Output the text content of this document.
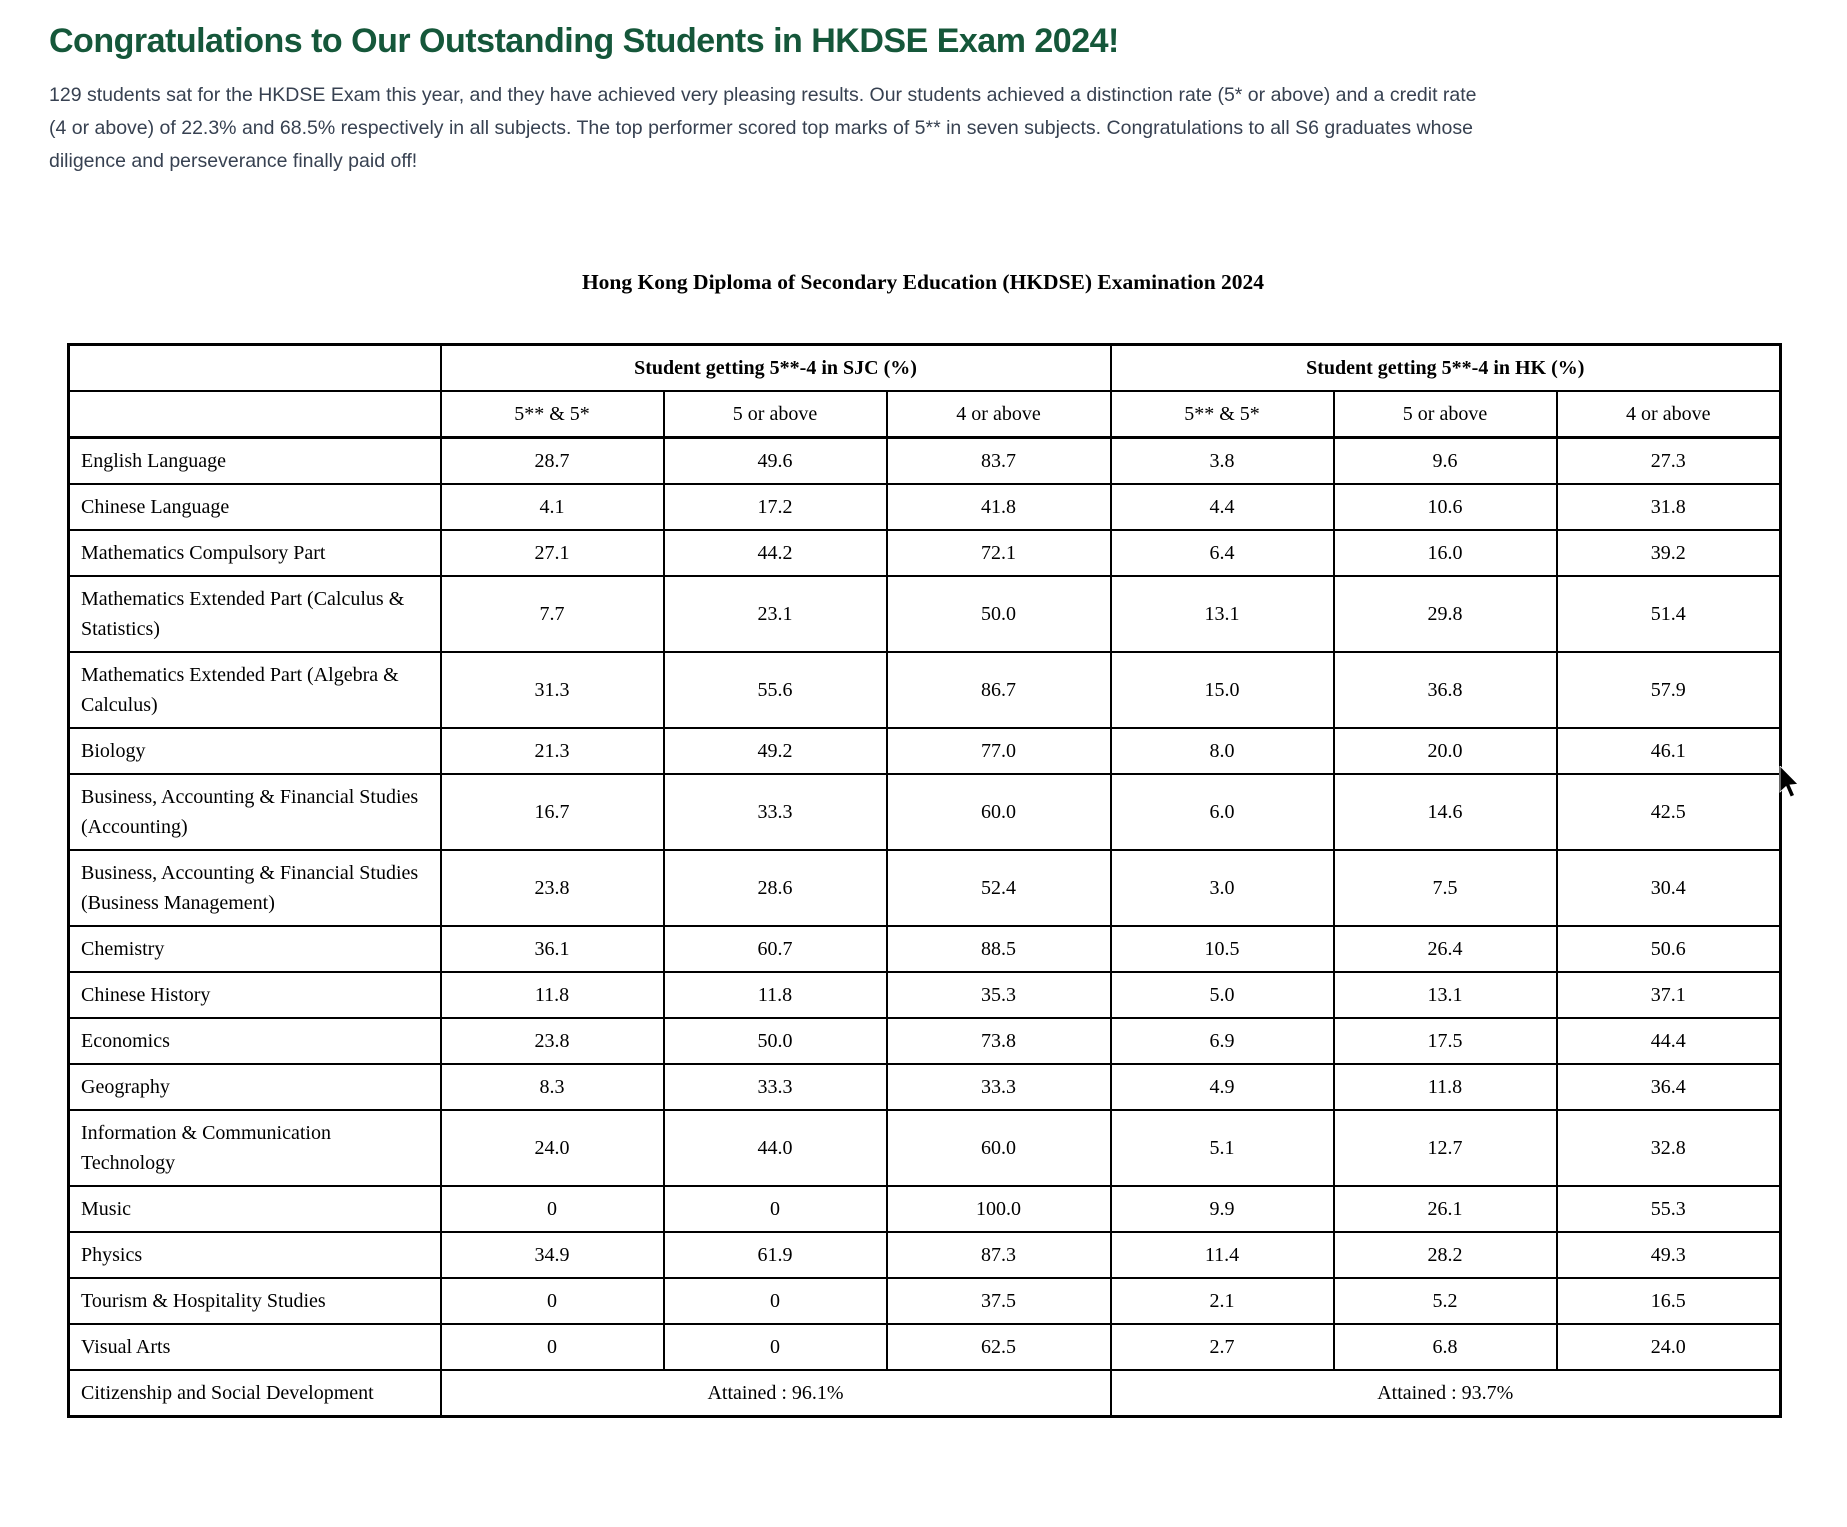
Congratulations to Our Outstanding Students in HKDSE Exam 2024!

129 students sat for the HKDSE Exam this year, and they have achieved very pleasing results. Our students achieved a distinction rate (5* or above) and a credit rate (4 or above) of 22.3% and 68.5% respectively in all subjects. The top performer scored top marks of 5** in seven subjects. Congratulations to all S6 graduates whose diligence and perseverance finally paid off!

Hong Kong Diploma of Secondary Education (HKDSE) Examination 2024
	Student getting 5**-4 in SJC (%)			Student getting 5**-4 in HK (%)		
	5** & 5*	5 or above	4 or above	5** & 5*	5 or above	4 or above
English Language	28.7	49.6	83.7	3.8	9.6	27.3
Chinese Language	4.1	17.2	41.8	4.4	10.6	31.8
Mathematics Compulsory Part	27.1	44.2	72.1	6.4	16.0	39.2
Mathematics Extended Part (Calculus & Statistics)	7.7	23.1	50.0	13.1	29.8	51.4
Mathematics Extended Part (Algebra & Calculus)	31.3	55.6	86.7	15.0	36.8	57.9
Biology	21.3	49.2	77.0	8.0	20.0	46.1
Business, Accounting & Financial Studies (Accounting)	16.7	33.3	60.0	6.0	14.6	42.5
Business, Accounting & Financial Studies (Business Management)	23.8	28.6	52.4	3.0	7.5	30.4
Chemistry	36.1	60.7	88.5	10.5	26.4	50.6
Chinese History	11.8	11.8	35.3	5.0	13.1	37.1
Economics	23.8	50.0	73.8	6.9	17.5	44.4
Geography	8.3	33.3	33.3	4.9	11.8	36.4
Information & Communication Technology	24.0	44.0	60.0	5.1	12.7	32.8
Music	0	0	100.0	9.9	26.1	55.3
Physics	34.9	61.9	87.3	11.4	28.2	49.3
Tourism & Hospitality Studies	0	0	37.5	2.1	5.2	16.5
Visual Arts	0	0	62.5	2.7	6.8	24.0
Citizenship and Social Development	Attained : 96.1%			Attained : 93.7%		
